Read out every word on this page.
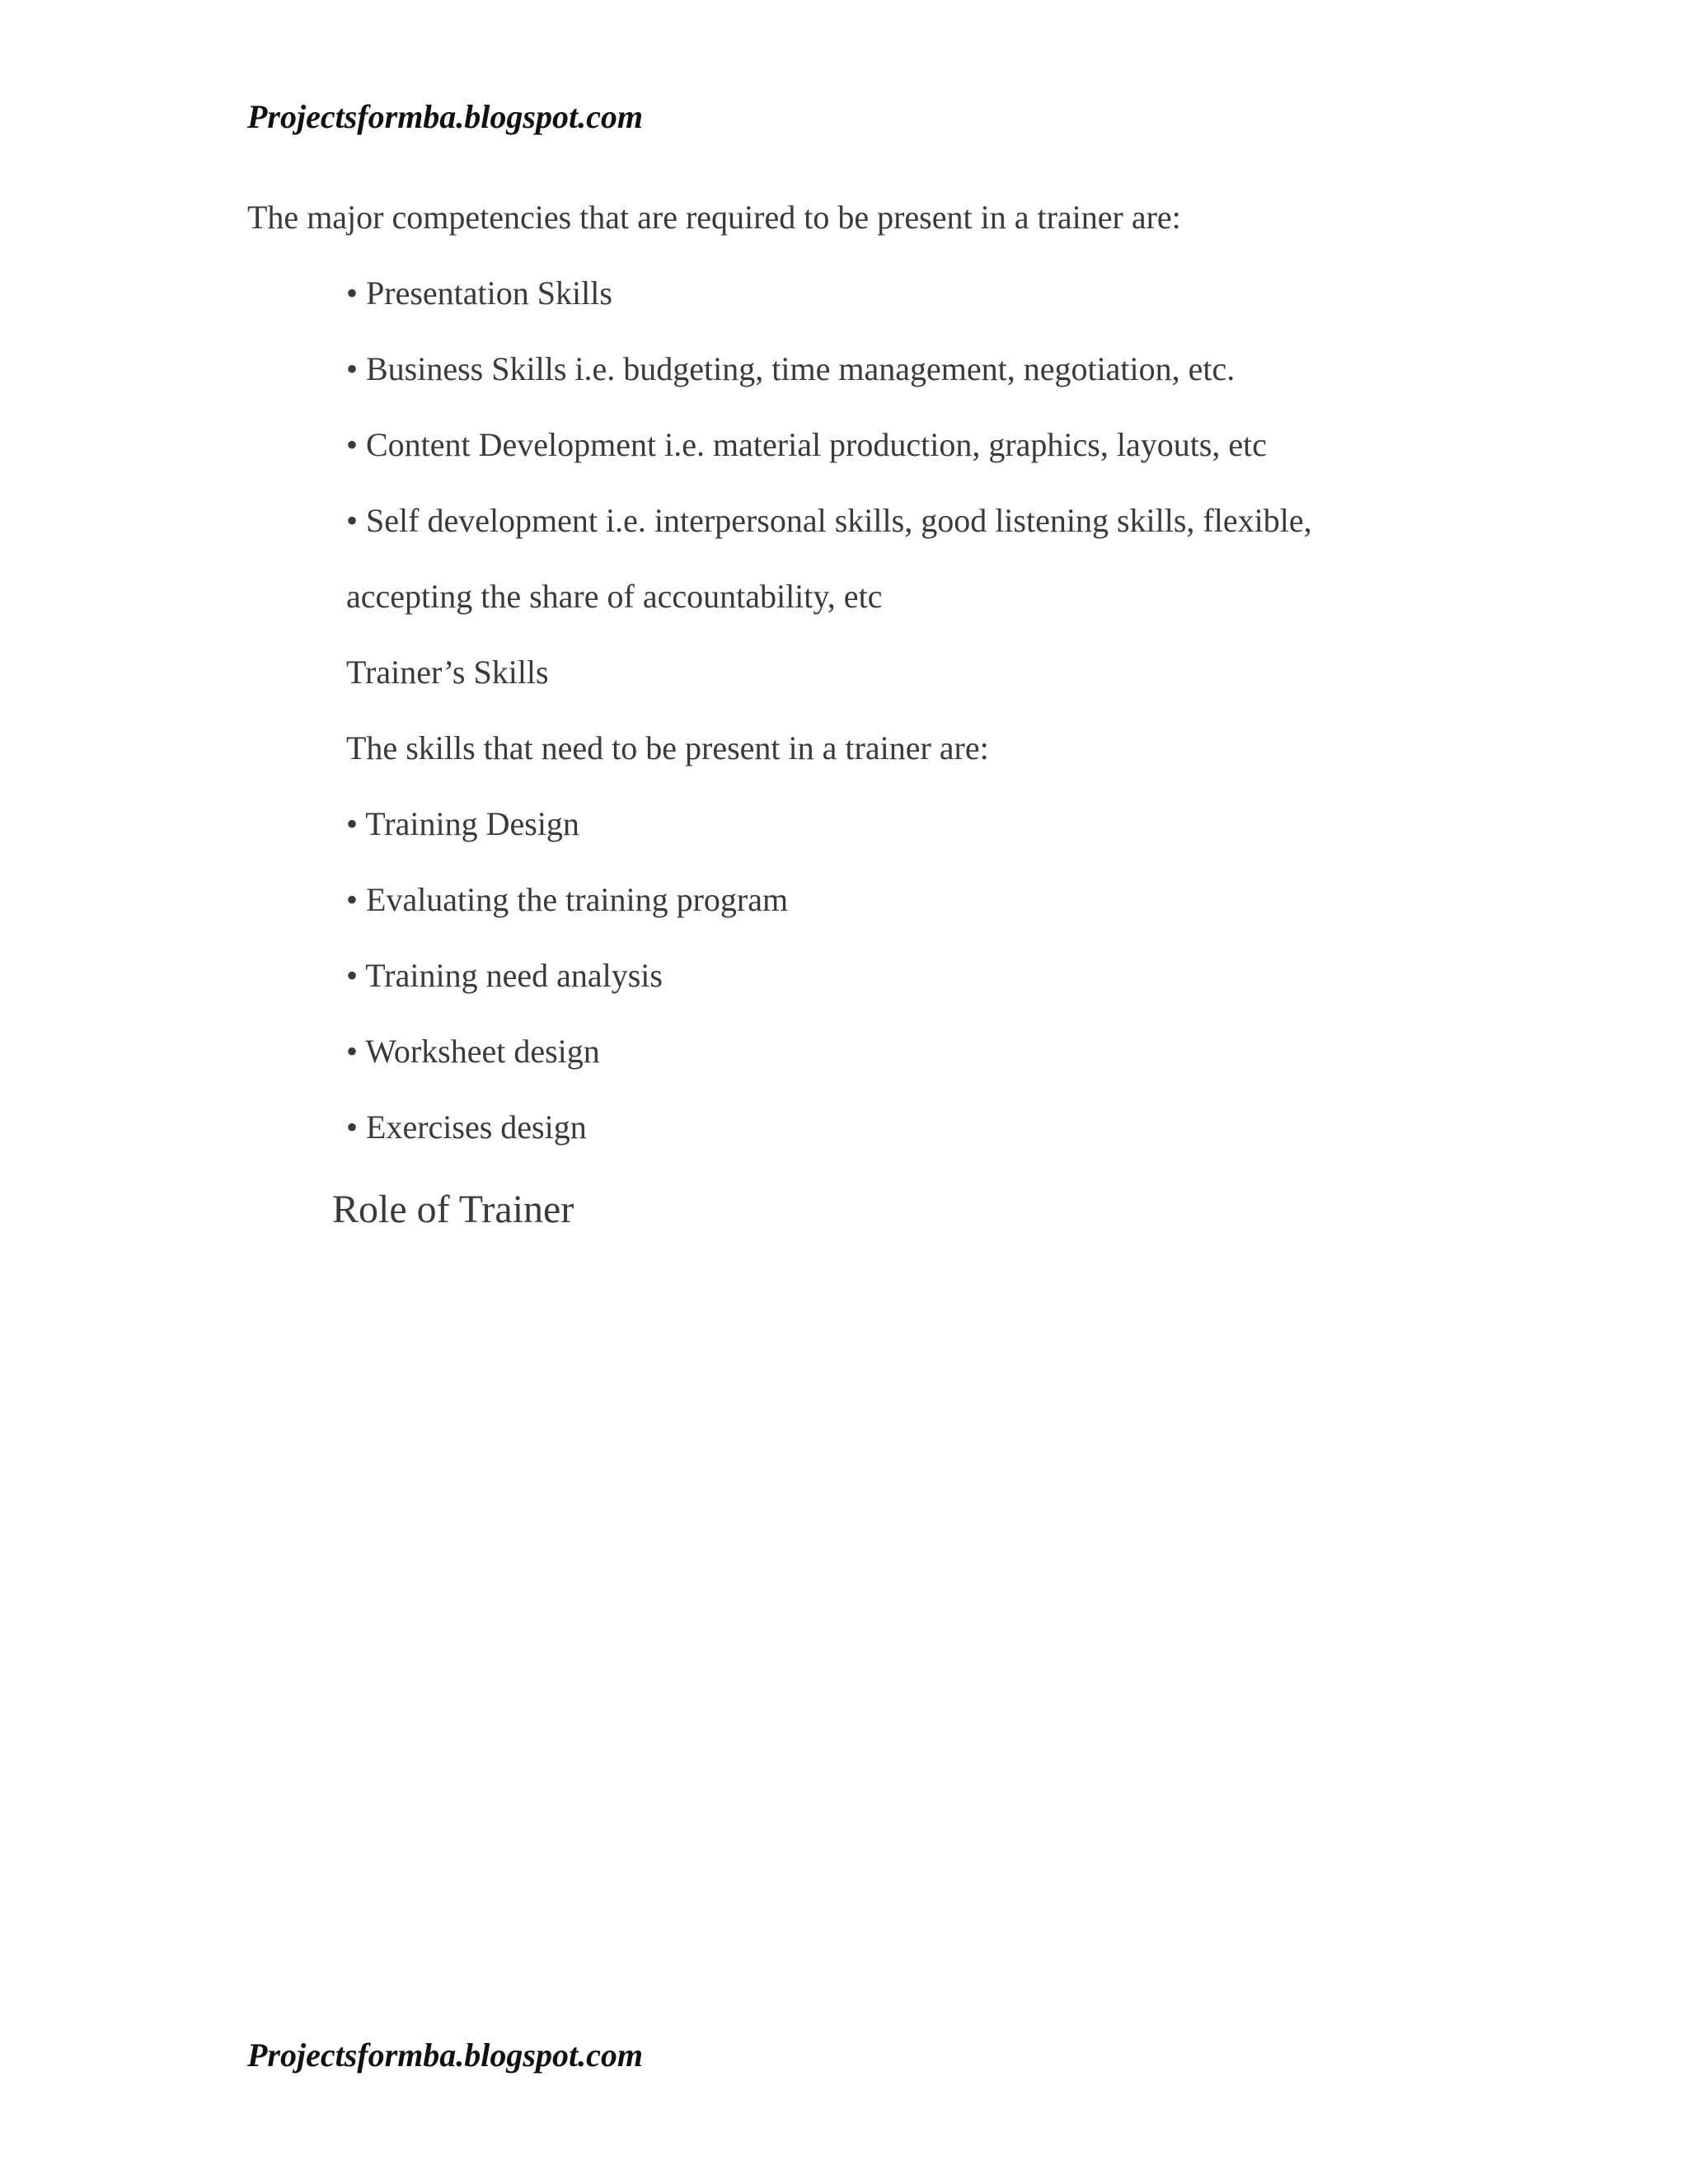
Projectsformba.blogspot.com
The major competencies that are required to be present in a trainer are:
• Presentation Skills
• Business Skills i.e. budgeting, time management, negotiation, etc.
• Content Development i.e. material production, graphics, layouts, etc
• Self development i.e. interpersonal skills, good listening skills, flexible,
accepting the share of accountability, etc
Trainer’s Skills
The skills that need to be present in a trainer are:
• Training Design
• Evaluating the training program
• Training need analysis
• Worksheet design
• Exercises design
Role of Trainer
Projectsformba.blogspot.com
